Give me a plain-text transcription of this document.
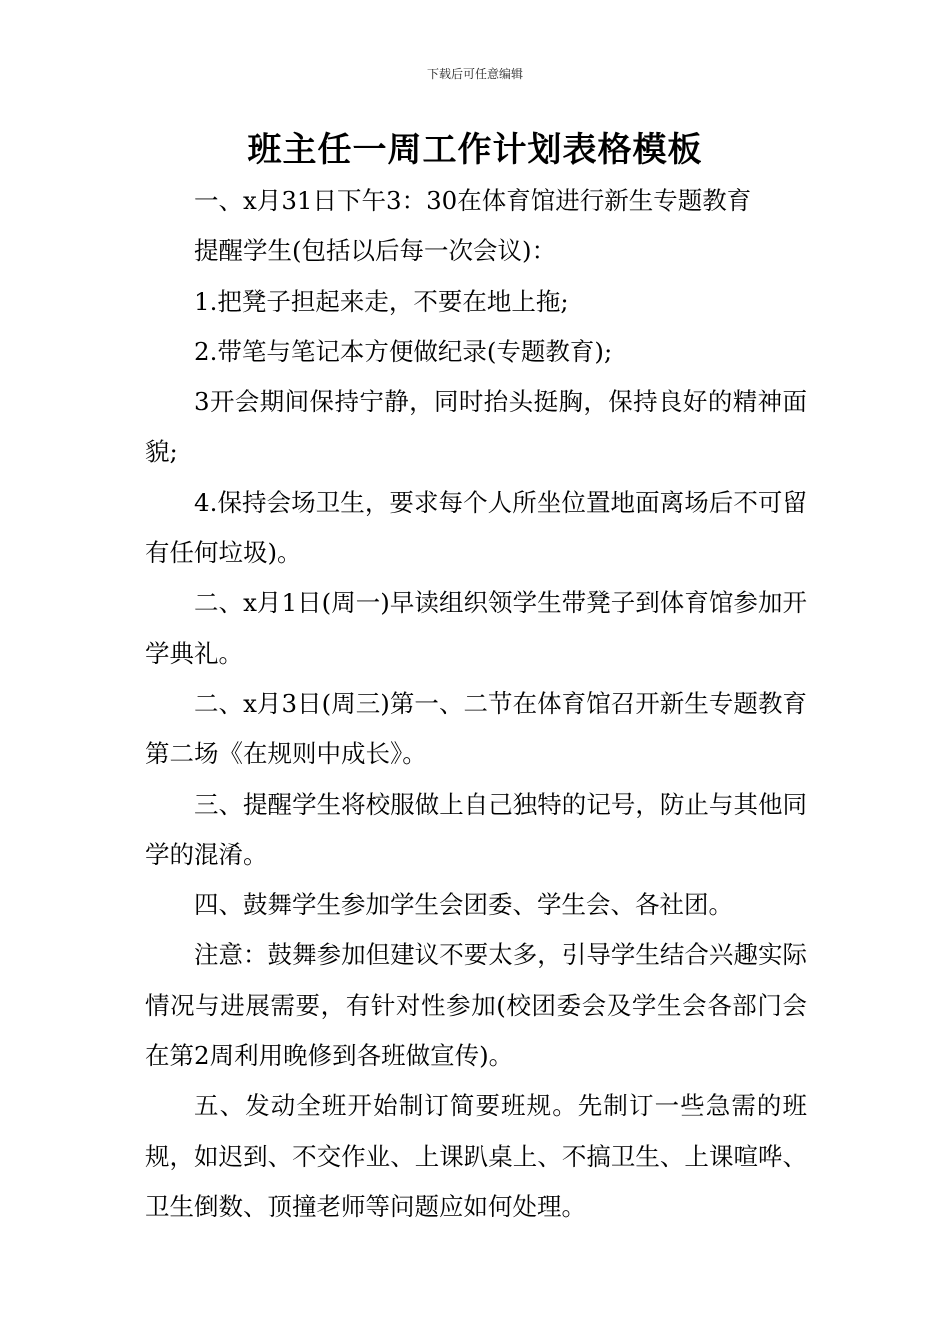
下载后可任意编辑
班主任一周工作计划表格模板

一、x月31日下午3：30在体育馆进行新生专题教育

提醒学生(包括以后每一次会议)：

1.把凳子担起来走，不要在地上拖;

2.带笔与笔记本方便做纪录(专题教育);

3开会期间保持宁静，同时抬头挺胸，保持良好的精神面貌;

4.保持会场卫生，要求每个人所坐位置地面离场后不可留有任何垃圾)。

二、x月1日(周一)早读组织领学生带凳子到体育馆参加开学典礼。

二、x月3日(周三)第一、二节在体育馆召开新生专题教育第二场《在规则中成长》。

三、提醒学生将校服做上自己独特的记号，防止与其他同学的混淆。

四、鼓舞学生参加学生会团委、学生会、各社团。

注意：鼓舞参加但建议不要太多，引导学生结合兴趣实际情况与进展需要，有针对性参加(校团委会及学生会各部门会在第2周利用晚修到各班做宣传)。

五、发动全班开始制订简要班规。先制订一些急需的班规，如迟到、不交作业、上课趴桌上、不搞卫生、上课喧哗、卫生倒数、顶撞老师等问题应如何处理。
